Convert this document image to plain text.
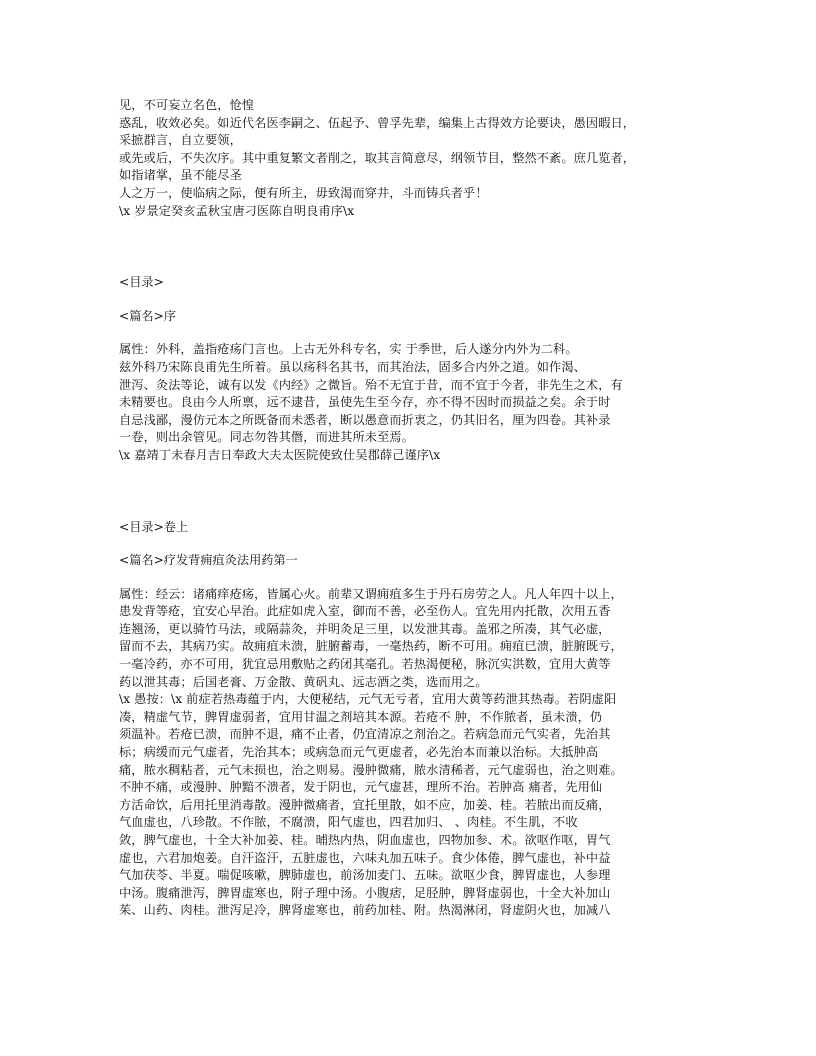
见，不可妄立名色，怆惶
惑乱，收效必矣。如近代名医李嗣之、伍起予、曾孚先辈，编集上古得效方论要诀，愚因暇日，
采摭群言，自立要领，
或先或后，不失次序。其中重复繁文者削之，取其言简意尽，纲领节目，整然不紊。庶几览者，
如指诸掌，虽不能尽圣
人之万一，使临病之际，便有所主，毋致渴而穿井，斗而铸兵者乎！
\x 岁景定癸亥孟秋宝唐刁医陈自明良甫序\x
<目录>
<篇名>序
属性：外科，盖指疮疡门言也。上古无外科专名，实 于季世，后人遂分内外为二科。
兹外科乃宋陈良甫先生所着。虽以疡科名其书，而其治法，固多合内外之道。如作渴、
泄泻、灸法等论，诚有以发《内经》之微旨。殆不无宜于昔，而不宜于今者，非先生之术，有
未精要也。良由今人所禀，远不逮昔，虽使先生至今存，亦不得不因时而损益之矣。余于时
自忌浅鄙，漫仿元本之所既备而未悉者，断以愚意而折衷之，仍其旧名，厘为四卷。其补录
一卷，则出余管见。同志勿咎其僭，而进其所未至焉。
\x 嘉靖丁未春月吉日奉政大夫太医院使致仕吴郡薛己谨序\x
<目录>卷上
<篇名>疗发背痈疽灸法用药第一
属性：经云：诸痛痒疮疡，皆属心火。前辈又谓痈疽多生于丹石房劳之人。凡人年四十以上，
患发背等疮，宜安心早治。此症如虎入室，御而不善，必至伤人。宜先用内托散，次用五香
连翘汤，更以骑竹马法，或隔蒜灸，并明灸足三里，以发泄其毒。盖邪之所凑，其气必虚，
留而不去，其病乃实。故痈疽未溃，脏腑蓄毒，一毫热药，断不可用。痈疽已溃，脏腑既亏，
一毫冷药，亦不可用，犹宜忌用敷贴之药闭其毫孔。若热渴便秘，脉沉实洪数，宜用大黄等
药以泄其毒；后国老膏、万金散、黄矾丸、远志酒之类，选而用之。
\x 愚按：\x 前症若热毒蕴于内，大便秘结，元气无亏者，宜用大黄等药泄其热毒。若阴虚阳
凑，精虚气节，脾胃虚弱者，宜用甘温之剂培其本源。若疮不 肿，不作脓者，虽未溃，仍
须温补。若疮已溃，而肿不退，痛不止者，仍宜清凉之剂治之。若病急而元气实者，先治其
标；病缓而元气虚者，先治其本；或病急而元气更虚者，必先治本而兼以治标。大抵肿高
痛，脓水稠粘者，元气未损也，治之则易。漫肿微痛，脓水清稀者，元气虚弱也，治之则难。
不肿不痛，或漫肿、肿黯不溃者，发于阴也，元气虚甚，理所不治。若肿高 痛者，先用仙
方活命饮，后用托里消毒散。漫肿微痛者，宜托里散，如不应，加姜、桂。若脓出而反痛，
气血虚也，八珍散。不作脓，不腐溃，阳气虚也，四君加归、 、肉桂。不生肌，不收
敛，脾气虚也，十全大补加姜、桂。晡热内热，阴血虚也，四物加参、术。欲呕作呕，胃气
虚也，六君加炮姜。自汗盗汗，五脏虚也，六味丸加五味子。食少体倦，脾气虚也，补中益
气加茯苓、半夏。喘促咳嗽，脾肺虚也，前汤加麦门、五味。欲呕少食，脾胃虚也，人参理
中汤。腹痛泄泻，脾胃虚寒也，附子理中汤。小腹痞，足胫肿，脾肾虚弱也，十全大补加山
茱、山药、肉桂。泄泻足冷，脾肾虚寒也，前药加桂、附。热渴淋闭，肾虚阴火也，加减八
